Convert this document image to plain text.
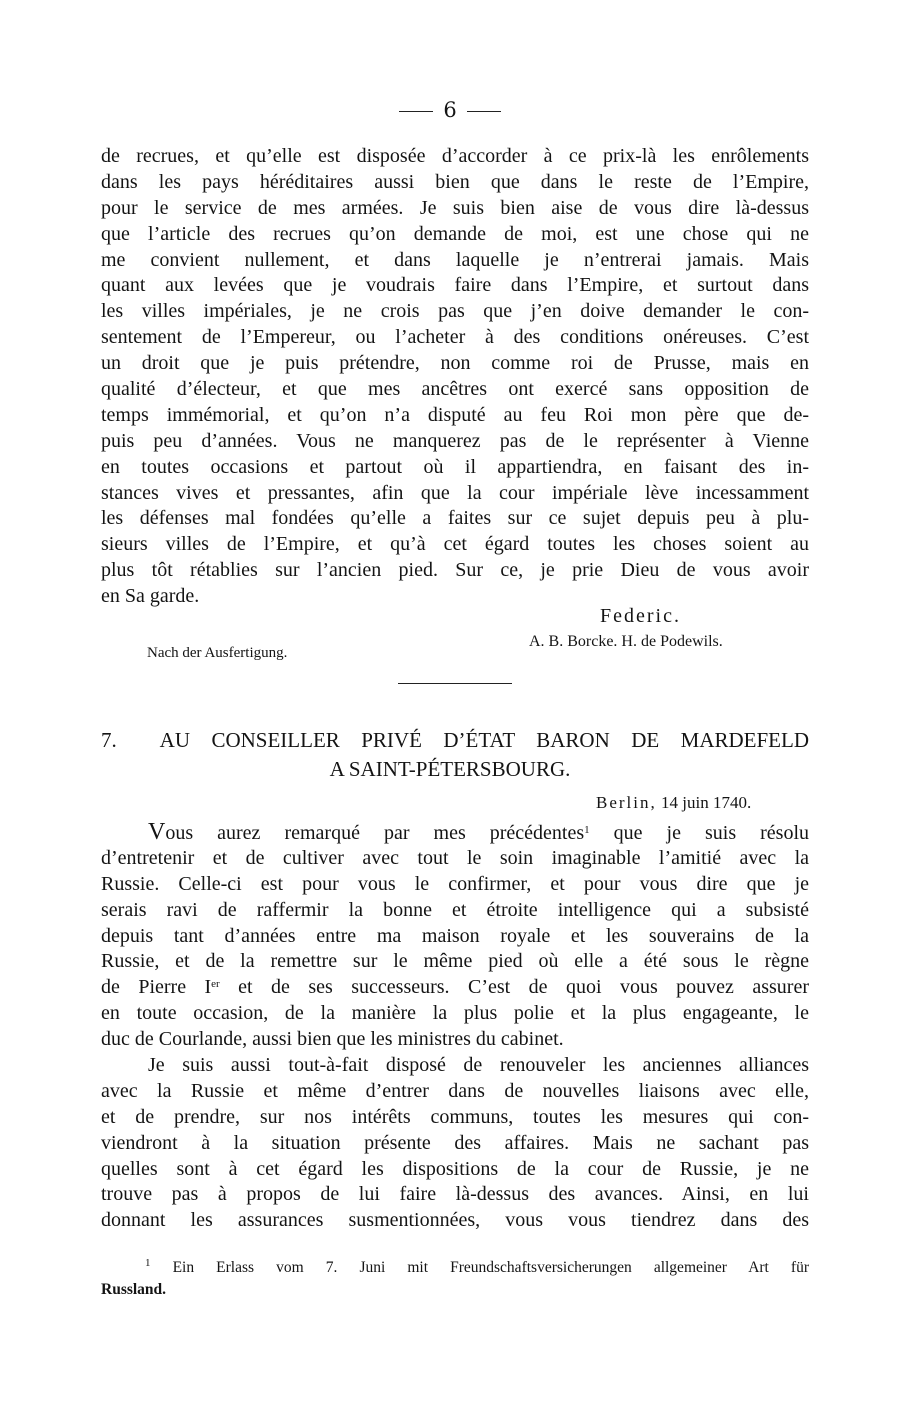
6
de recrues, et qu’elle est disposée d’accorder à ce prix-là les enrôlements
dans les pays héréditaires aussi bien que dans le reste de l’Empire,
pour le service de mes armées. Je suis bien aise de vous dire là-dessus
que l’article des recrues qu’on demande de moi, est une chose qui ne
me convient nullement, et dans laquelle je n’entrerai jamais. Mais
quant aux levées que je voudrais faire dans l’Empire, et surtout dans
les villes impériales, je ne crois pas que j’en doive demander le con-
sentement de l’Empereur, ou l’acheter à des conditions onéreuses. C’est
un droit que je puis prétendre, non comme roi de Prusse, mais en
qualité d’électeur, et que mes ancêtres ont exercé sans opposition de
temps immémorial, et qu’on n’a disputé au feu Roi mon père que de-
puis peu d’années. Vous ne manquerez pas de le représenter à Vienne
en toutes occasions et partout où il appartiendra, en faisant des in-
stances vives et pressantes, afin que la cour impériale lève incessamment
les défenses mal fondées qu’elle a faites sur ce sujet depuis peu à plu-
sieurs villes de l’Empire, et qu’à cet égard toutes les choses soient au
plus tôt rétablies sur l’ancien pied. Sur ce, je prie Dieu de vous avoir
en Sa garde.
Federic.
Nach der Ausfertigung.
A. B. Borcke. H. de Podewils.
7. AU CONSEILLER PRIVÉ D’ÉTAT BARON DE MARDEFELD
A SAINT-PÉTERSBOURG.
Berlin, 14 juin 1740.
Vous aurez remarqué par mes précédentes$^1$ que je suis résolu
d’entretenir et de cultiver avec tout le soin imaginable l’amitié avec la
Russie. Celle-ci est pour vous le confirmer, et pour vous dire que je
serais ravi de raffermir la bonne et étroite intelligence qui a subsisté
depuis tant d’années entre ma maison royale et les souverains de la
Russie, et de la remettre sur le même pied où elle a été sous le règne
de Pierre Ier et de ses successeurs. C’est de quoi vous pouvez assurer
en toute occasion, de la manière la plus polie et la plus engageante, le
duc de Courlande, aussi bien que les ministres du cabinet.
Je suis aussi tout-à-fait disposé de renouveler les anciennes alliances
avec la Russie et même d’entrer dans de nouvelles liaisons avec elle,
et de prendre, sur nos intérêts communs, toutes les mesures qui con-
viendront à la situation présente des affaires. Mais ne sachant pas
quelles sont à cet égard les dispositions de la cour de Russie, je ne
trouve pas à propos de lui faire là-dessus des avances. Ainsi, en lui
donnant les assurances susmentionnées, vous vous tiendrez dans des
$^1$ Ein Erlass vom 7. Juni mit Freundschaftsversicherungen allgemeiner Art für
Russland.
